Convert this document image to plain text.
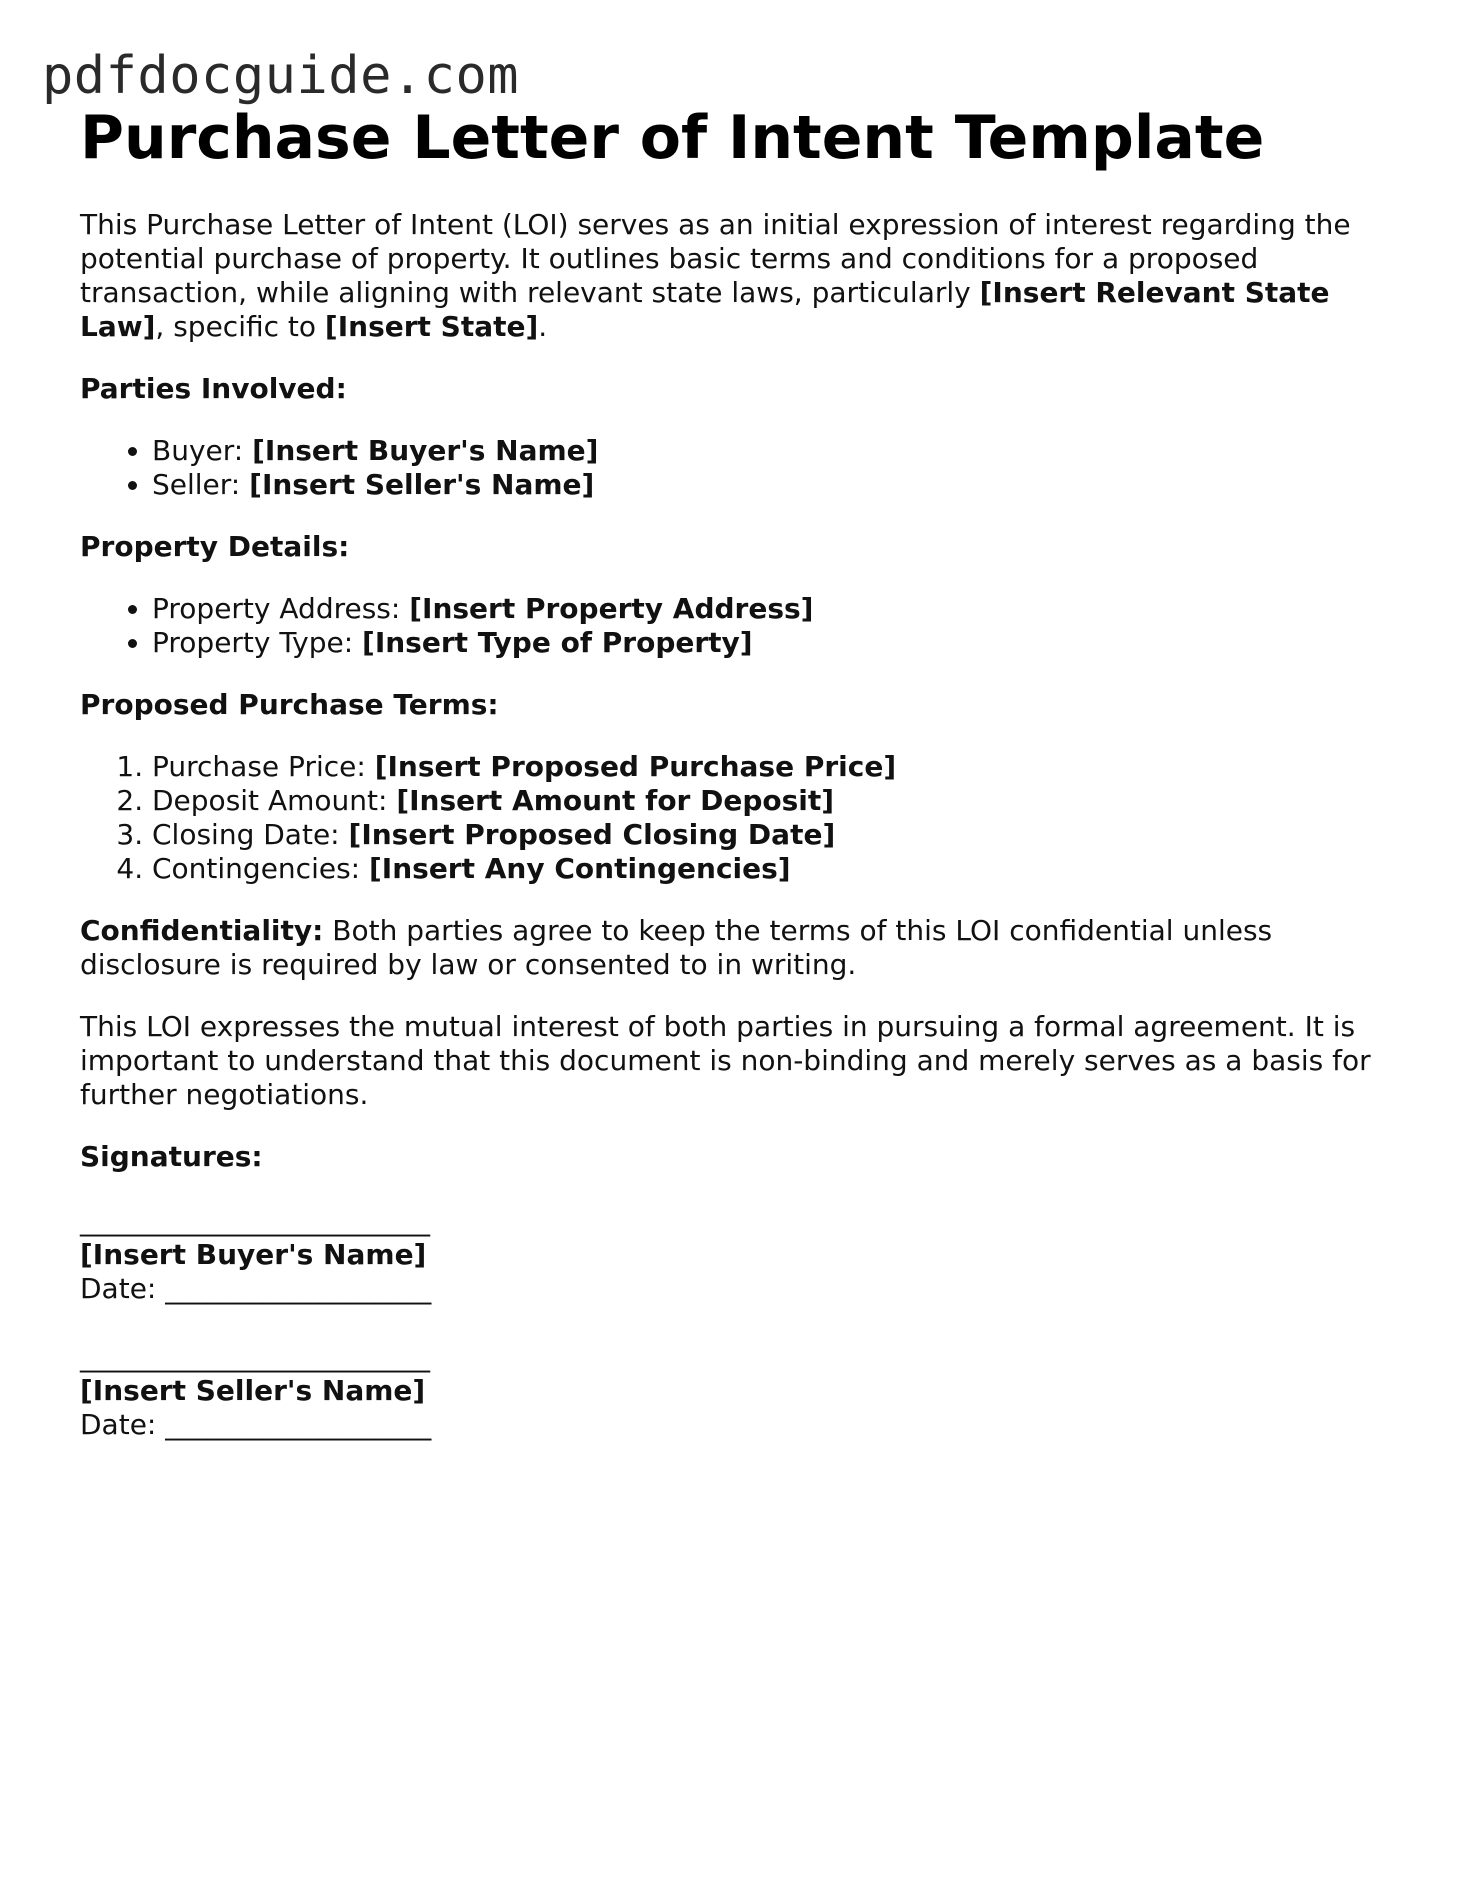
pdfdocguide.com
Purchase Letter of Intent Template

This Purchase Letter of Intent (LOI) serves as an initial expression of interest regarding the potential purchase of property. It outlines basic terms and conditions for a proposed transaction, while aligning with relevant state laws, particularly [Insert Relevant State Law], specific to [Insert State].

Parties Involved:

• Buyer: [Insert Buyer's Name]
• Seller: [Insert Seller's Name]

Property Details:

• Property Address: [Insert Property Address]
• Property Type: [Insert Type of Property]

Proposed Purchase Terms:

1. Purchase Price: [Insert Proposed Purchase Price]
2. Deposit Amount: [Insert Amount for Deposit]
3. Closing Date: [Insert Proposed Closing Date]
4. Contingencies: [Insert Any Contingencies]

Confidentiality: Both parties agree to keep the terms of this LOI confidential unless disclosure is required by law or consented to in writing.

This LOI expresses the mutual interest of both parties in pursuing a formal agreement. It is important to understand that this document is non-binding and merely serves as a basis for further negotiations.

Signatures:

_________________________
[Insert Buyer's Name]
Date: ___________________
_________________________
[Insert Seller's Name]
Date: ___________________
